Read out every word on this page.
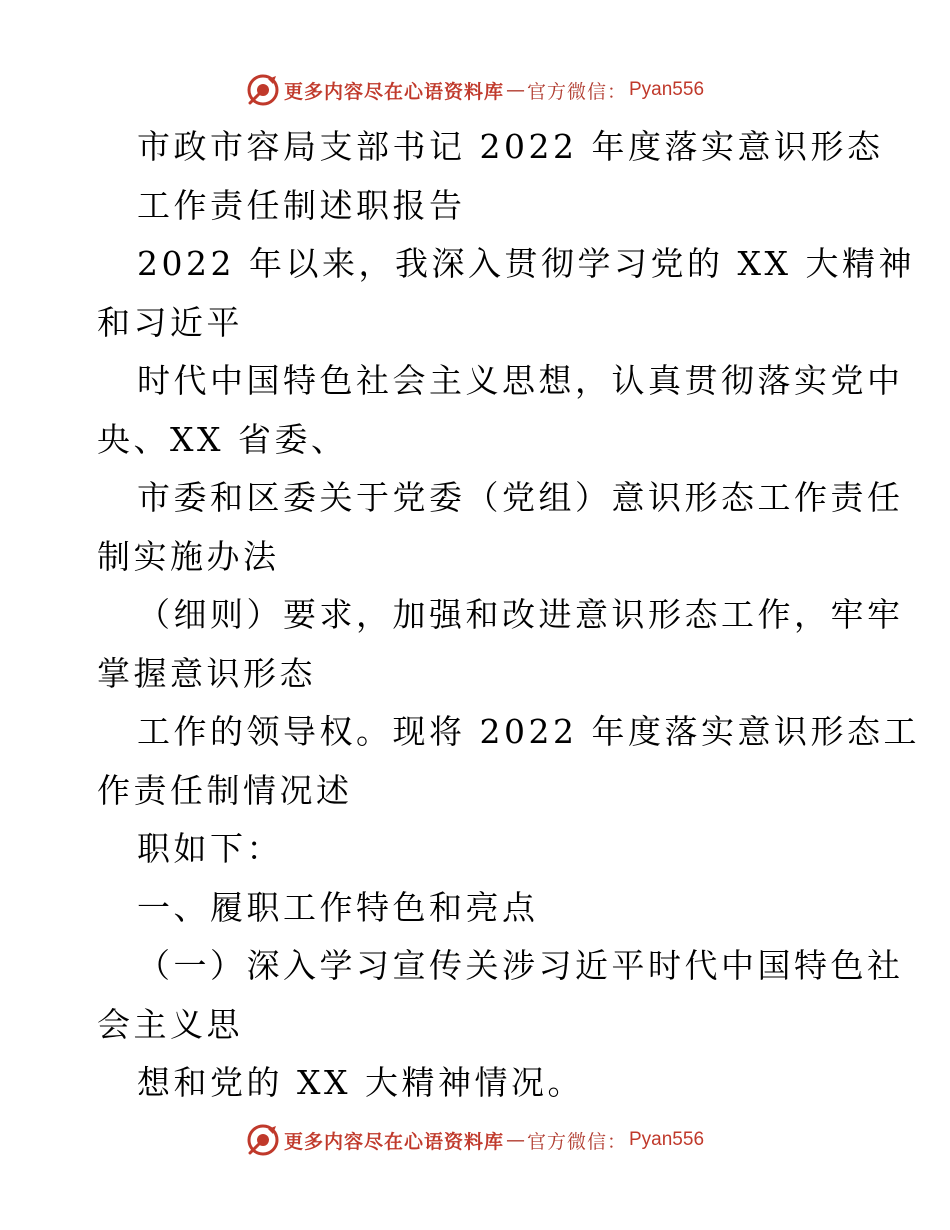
更多内容尽在心语资料库 — 官方微信： Pyan556
市政市容局支部书记 2022 年度落实意识形态
工作责任制述职报告
2022 年以来，我深入贯彻学习党的 XX 大精神
和习近平
时代中国特色社会主义思想，认真贯彻落实党中
央、XX 省委、
市委和区委关于党委（党组）意识形态工作责任
制实施办法
（细则）要求，加强和改进意识形态工作，牢牢
掌握意识形态
工作的领导权。现将 2022 年度落实意识形态工
作责任制情况述
职如下：
一、履职工作特色和亮点
（一）深入学习宣传关涉习近平时代中国特色社
会主义思
想和党的 XX 大精神情况。
更多内容尽在心语资料库 — 官方微信： Pyan556
